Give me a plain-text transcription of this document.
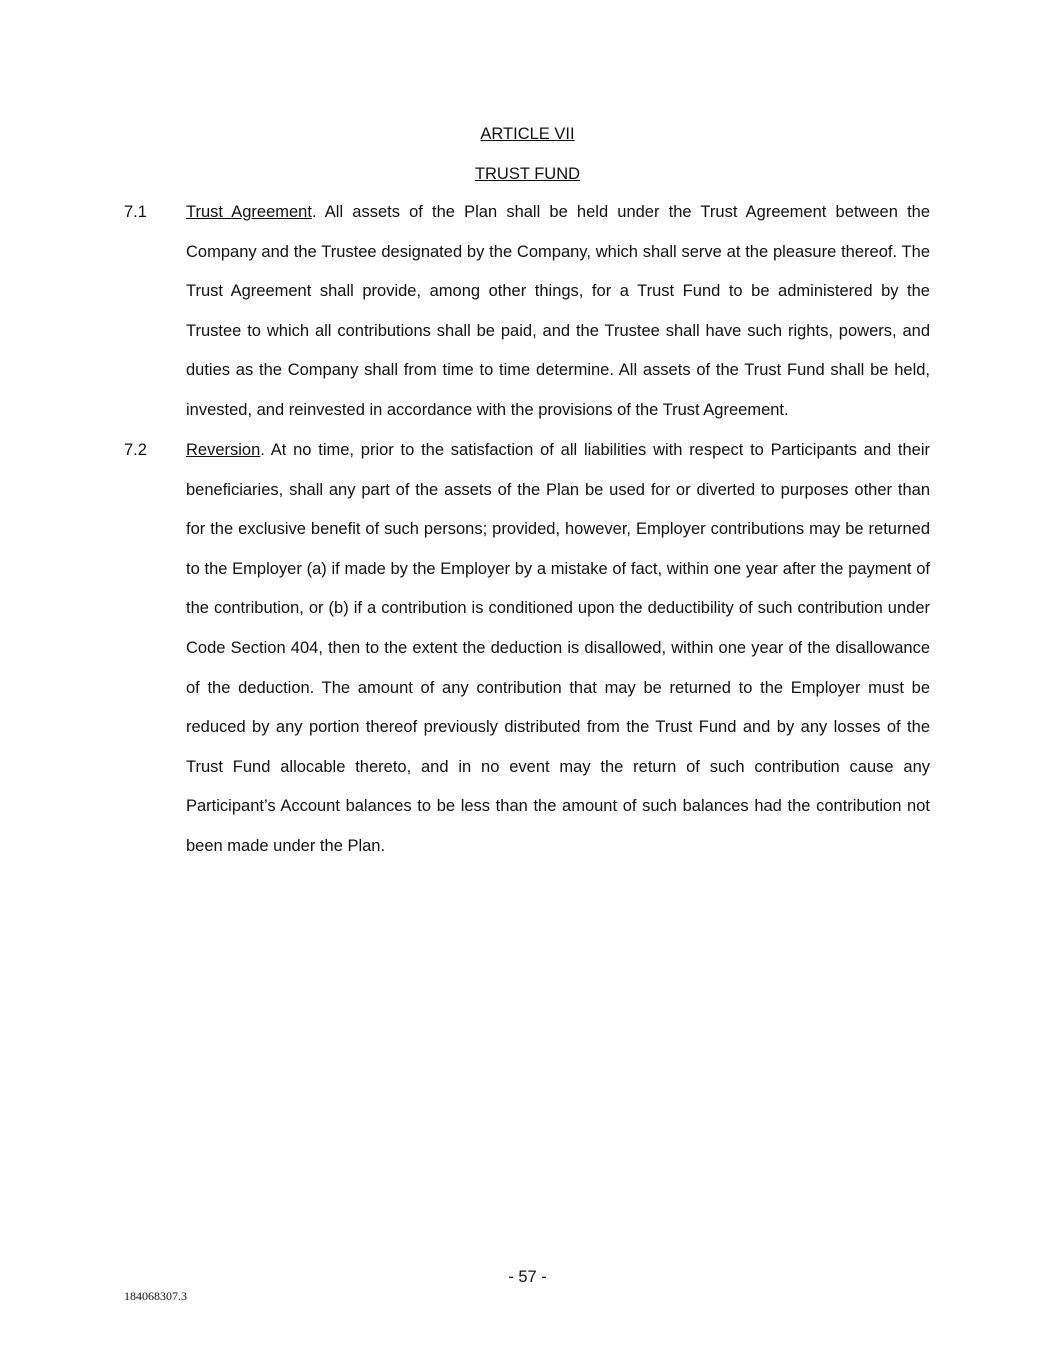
ARTICLE VII
TRUST FUND
7.1 Trust Agreement. All assets of the Plan shall be held under the Trust Agreement between the Company and the Trustee designated by the Company, which shall serve at the pleasure thereof. The Trust Agreement shall provide, among other things, for a Trust Fund to be administered by the Trustee to which all contributions shall be paid, and the Trustee shall have such rights, powers, and duties as the Company shall from time to time determine. All assets of the Trust Fund shall be held, invested, and reinvested in accordance with the provisions of the Trust Agreement.

7.2 Reversion. At no time, prior to the satisfaction of all liabilities with respect to Participants and their beneficiaries, shall any part of the assets of the Plan be used for or diverted to purposes other than for the exclusive benefit of such persons; provided, however, Employer contributions may be returned to the Employer (a) if made by the Employer by a mistake of fact, within one year after the payment of the contribution, or (b) if a contribution is conditioned upon the deductibility of such contribution under Code Section 404, then to the extent the deduction is disallowed, within one year of the disallowance of the deduction. The amount of any contribution that may be returned to the Employer must be reduced by any portion thereof previously distributed from the Trust Fund and by any losses of the Trust Fund allocable thereto, and in no event may the return of such contribution cause any Participant’s Account balances to be less than the amount of such balances had the contribution not been made under the Plan.

- 57 -
184068307.3
